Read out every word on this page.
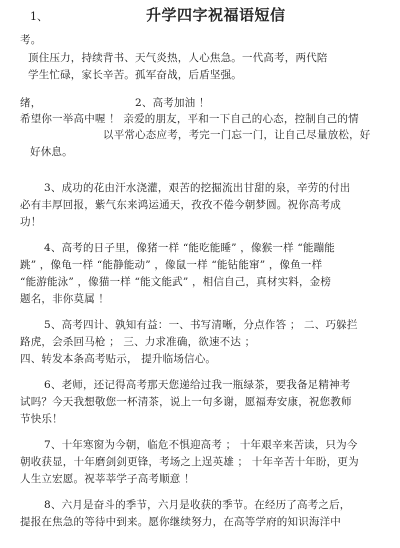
1、	升学四字祝福语短信
考。
顶住压力，持续背书、天气炎热，人心焦急。一代高考，两代陪
学生忙碌，家长辛苦。孤军奋战，后盾坚强。
绪，	2、高考加油 ！
希望你一举高中喔 ！ 亲爱的朋友，平和一下自己的心态，控制自己的情
以平常心态应考，考完一门忘一门，让自己尽量放松，好
好休息。
3、成功的花由汗水浇灌，艰苦的挖掘流出甘甜的泉，辛劳的付出
必有丰厚回报，紫气东来鸿运通天，孜孜不倦今朝梦圆。祝你高考成
功！
4、高考的日子里，像猪一样 “能吃能睡” ，像猴一样 “能蹦能
跳” ，像龟一样 “能静能动” ，像鼠一样 “能钻能窜” ，像鱼一样
“能游能泳” ，像猫一样 “能文能武” ，相信自己，真材实料，金榜
题名，非你莫属 ！
5、高考四计、孰知有益：一、书写清晰，分点作答 ； 二、巧躲拦
路虎，会杀回马枪 ； 三、力求准确，欲速不达 ；
四、转发本条高考贴示， 提升临场信心。
6、老师，还记得高考那天您递给过我一瓶绿茶，要我备足精神考
试吗？今天我想敬您一杯清茶，说上一句多谢，愿福寿安康，祝您教师
节快乐！
7、十年寒窗为今朝，临危不惧迎高考 ； 十年艰辛来苦读，只为今
朝收获显，十年磨剑剑更锋，考场之上逞英雄 ； 十年辛苦十年盼，更为
人生立宏愿。祝莘莘学子高考顺意 ！
8、六月是奋斗的季节，六月是收获的季节。在经历了高考之后，
提报在焦急的等待中到来。愿你继续努力，在高等学府的知识海洋中
